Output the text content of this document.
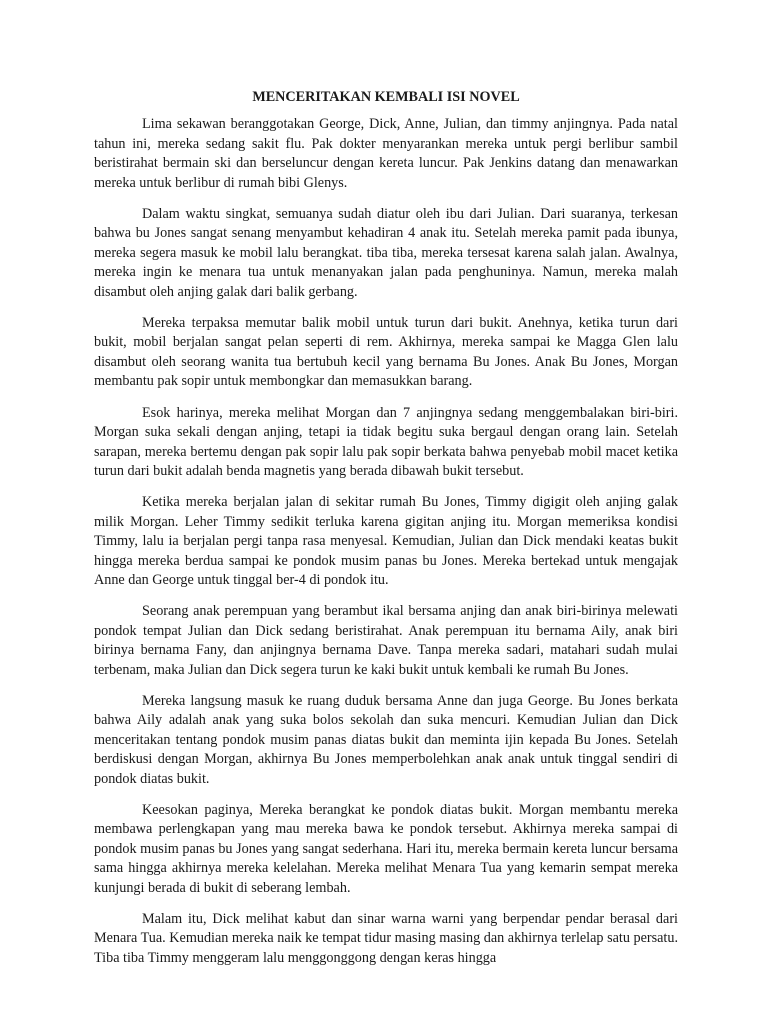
MENCERITAKAN KEMBALI ISI NOVEL

Lima sekawan beranggotakan George, Dick, Anne, Julian, dan timmy anjingnya. Pada natal tahun ini, mereka sedang sakit flu. Pak dokter menyarankan mereka untuk pergi berlibur sambil beristirahat bermain ski dan berseluncur dengan kereta luncur. Pak Jenkins datang dan menawarkan mereka untuk berlibur di rumah bibi Glenys.

Dalam waktu singkat, semuanya sudah diatur oleh ibu dari Julian. Dari suaranya, terkesan bahwa bu Jones sangat senang menyambut kehadiran 4 anak itu. Setelah mereka pamit pada ibunya, mereka segera masuk ke mobil lalu berangkat. tiba tiba, mereka tersesat karena salah jalan. Awalnya, mereka ingin ke menara tua untuk menanyakan jalan pada penghuninya. Namun, mereka malah disambut oleh anjing galak dari balik gerbang.

Mereka terpaksa memutar balik mobil untuk turun dari bukit. Anehnya, ketika turun dari bukit, mobil berjalan sangat pelan seperti di rem. Akhirnya, mereka sampai ke Magga Glen lalu disambut oleh seorang wanita tua bertubuh kecil yang bernama Bu Jones. Anak Bu Jones, Morgan membantu pak sopir untuk membongkar dan memasukkan barang.

Esok harinya, mereka melihat Morgan dan 7 anjingnya sedang menggembalakan biri-biri. Morgan suka sekali dengan anjing, tetapi ia tidak begitu suka bergaul dengan orang lain. Setelah sarapan, mereka bertemu dengan pak sopir lalu pak sopir berkata bahwa penyebab mobil macet ketika turun dari bukit adalah benda magnetis yang berada dibawah bukit tersebut.

Ketika mereka berjalan jalan di sekitar rumah Bu Jones, Timmy digigit oleh anjing galak milik Morgan. Leher Timmy sedikit terluka karena gigitan anjing itu. Morgan memeriksa kondisi Timmy, lalu ia berjalan pergi tanpa rasa menyesal. Kemudian, Julian dan Dick mendaki keatas bukit hingga mereka berdua sampai ke pondok musim panas bu Jones. Mereka bertekad untuk mengajak Anne dan George untuk tinggal ber-4 di pondok itu.

Seorang anak perempuan yang berambut ikal bersama anjing dan anak biri-birinya melewati pondok tempat Julian dan Dick sedang beristirahat. Anak perempuan itu bernama Aily, anak biri birinya bernama Fany, dan anjingnya bernama Dave. Tanpa mereka sadari, matahari sudah mulai terbenam, maka Julian dan Dick segera turun ke kaki bukit untuk kembali ke rumah Bu Jones.

Mereka langsung masuk ke ruang duduk bersama Anne dan juga George. Bu Jones berkata bahwa Aily adalah anak yang suka bolos sekolah dan suka mencuri. Kemudian Julian dan Dick menceritakan tentang pondok musim panas diatas bukit dan meminta ijin kepada Bu Jones. Setelah berdiskusi dengan Morgan, akhirnya Bu Jones memperbolehkan anak anak untuk tinggal sendiri di pondok diatas bukit.

Keesokan paginya, Mereka berangkat ke pondok diatas bukit. Morgan membantu mereka membawa perlengkapan yang mau mereka bawa ke pondok tersebut. Akhirnya mereka sampai di pondok musim panas bu Jones yang sangat sederhana. Hari itu, mereka bermain kereta luncur bersama sama hingga akhirnya mereka kelelahan. Mereka melihat Menara Tua yang kemarin sempat mereka kunjungi berada di bukit di seberang lembah.

Malam itu, Dick melihat kabut dan sinar warna warni yang berpendar pendar berasal dari Menara Tua. Kemudian mereka naik ke tempat tidur masing masing dan akhirnya terlelap satu persatu. Tiba tiba Timmy menggeram lalu menggonggong dengan keras hingga
